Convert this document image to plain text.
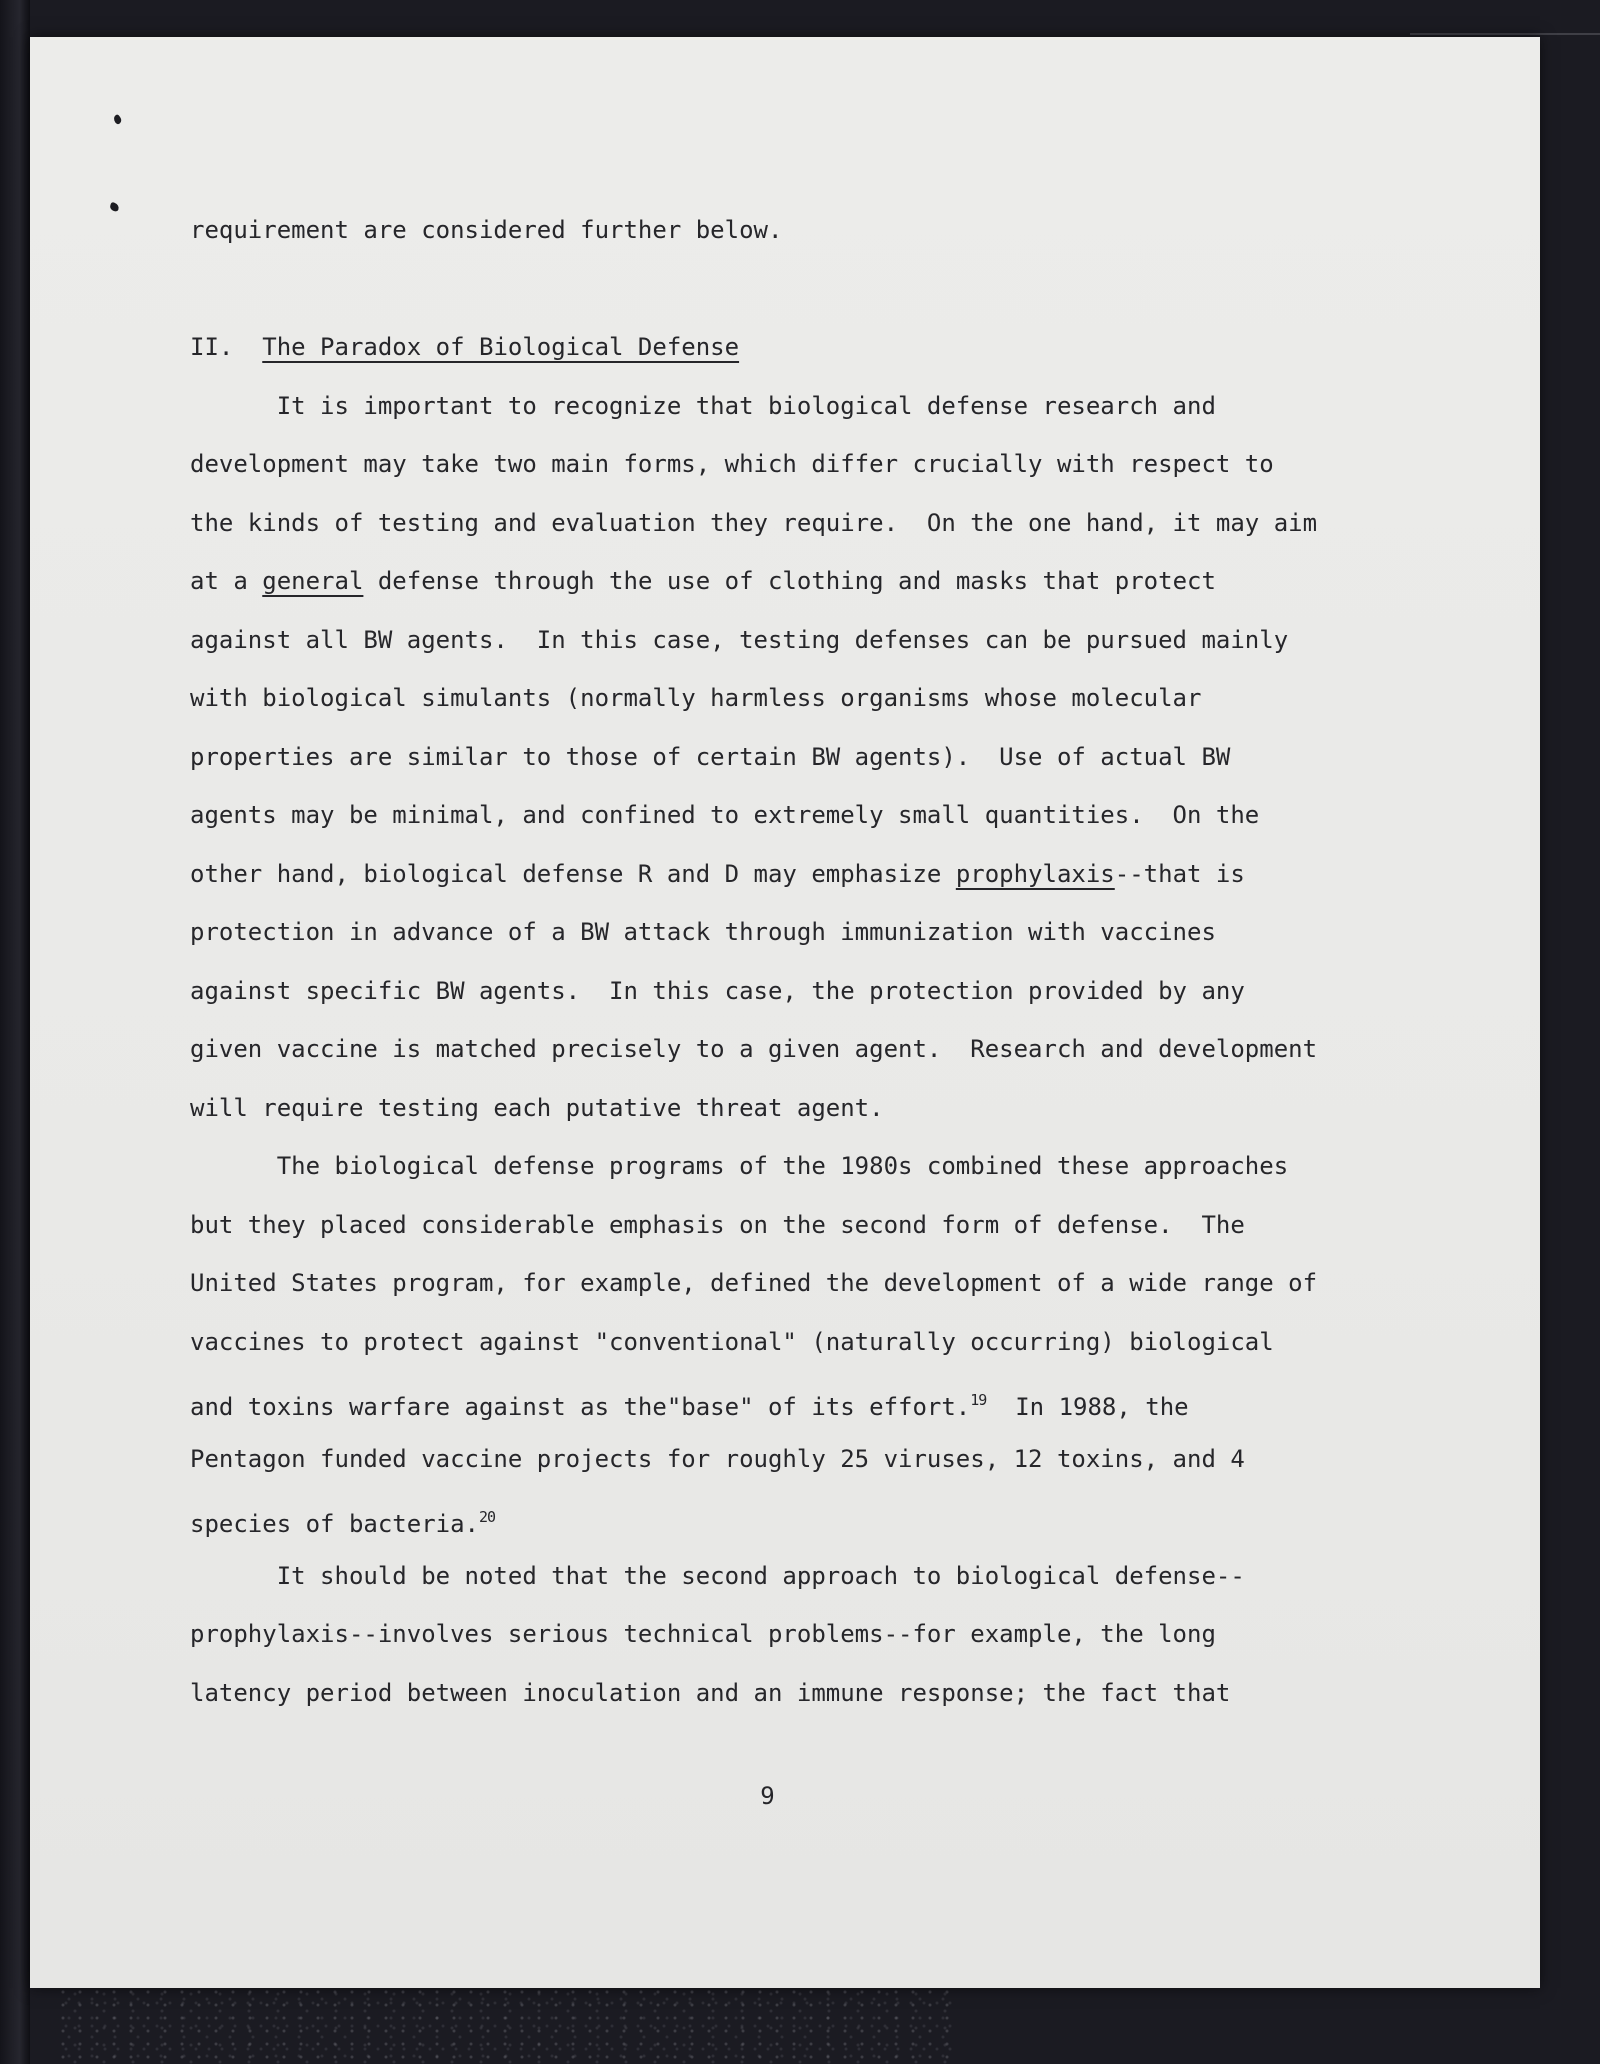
requirement are considered further below.
II.  The Paradox of Biological Defense
It is important to recognize that biological defense research and
development may take two main forms, which differ crucially with respect to
the kinds of testing and evaluation they require.  On the one hand, it may aim
at a general defense through the use of clothing and masks that protect
against all BW agents.  In this case, testing defenses can be pursued mainly
with biological simulants (normally harmless organisms whose molecular
properties are similar to those of certain BW agents).  Use of actual BW
agents may be minimal, and confined to extremely small quantities.  On the
other hand, biological defense R and D may emphasize prophylaxis--that is
protection in advance of a BW attack through immunization with vaccines
against specific BW agents.  In this case, the protection provided by any
given vaccine is matched precisely to a given agent.  Research and development
will require testing each putative threat agent.
The biological defense programs of the 1980s combined these approaches
but they placed considerable emphasis on the second form of defense.  The
United States program, for example, defined the development of a wide range of
vaccines to protect against "conventional" (naturally occurring) biological
and toxins warfare against as the"base" of its effort.$^{19}$  In 1988, the
Pentagon funded vaccine projects for roughly 25 viruses, 12 toxins, and 4
species of bacteria.$^{20}$
It should be noted that the second approach to biological defense--
prophylaxis--involves serious technical problems--for example, the long
latency period between inoculation and an immune response; the fact that
9
